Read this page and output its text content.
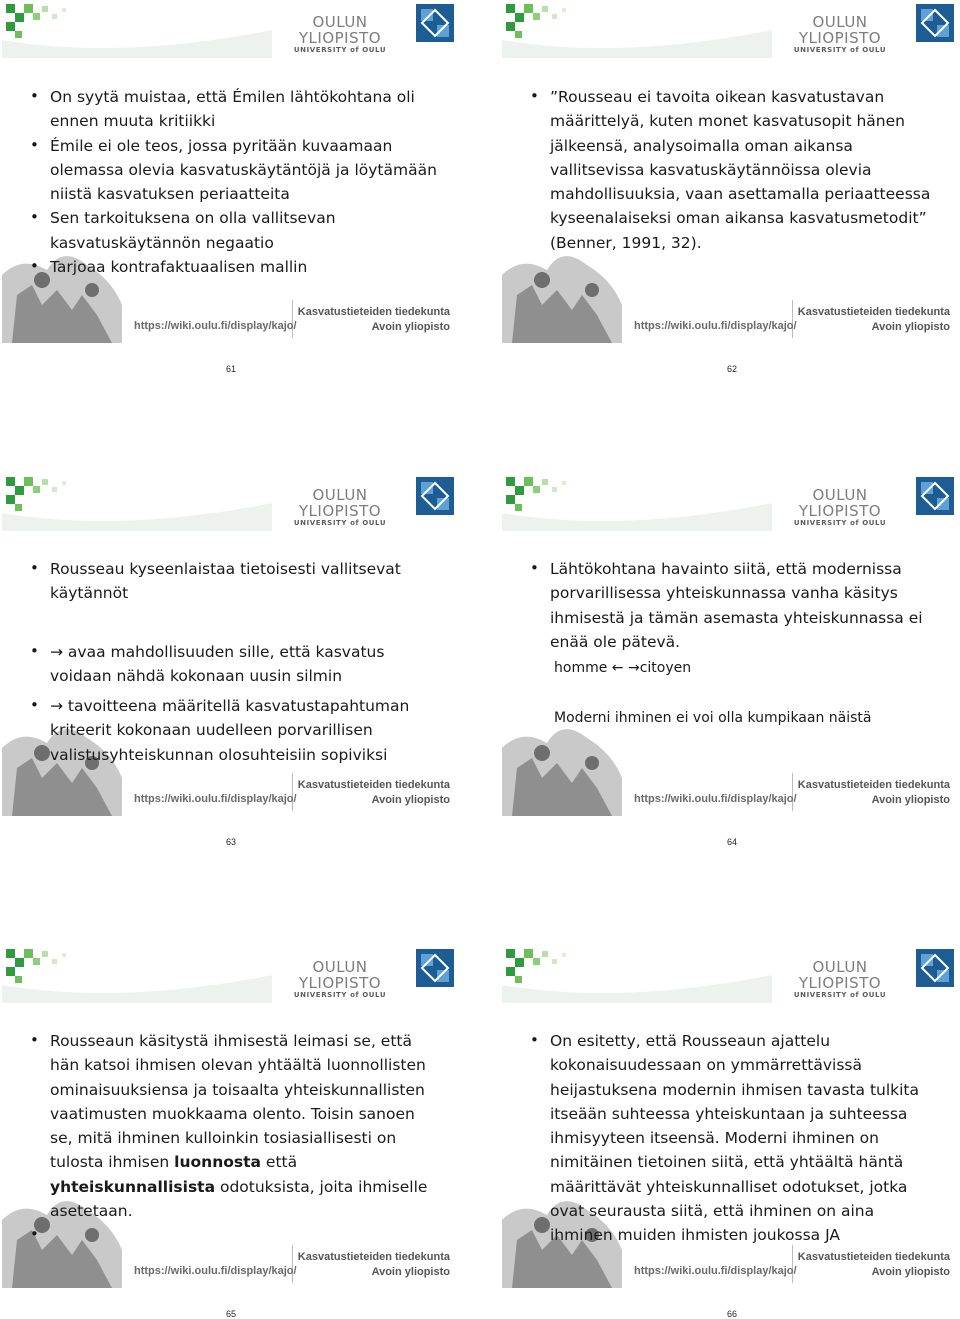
OULUN YLIOPISTO
UNIVERSITY of OULU
https://wiki.oulu.fi/display/kajo/
Kasvatustieteiden tiedekunta
Avoin yliopisto

• On syytä muistaa, että Émilen lähtökohtana oli ennen muuta kritiikki

• Émile ei ole teos, jossa pyritään kuvaamaan olemassa olevia kasvatuskäytäntöjä ja löytämään niistä kasvatuksen periaatteita

• Sen tarkoituksena on olla vallitsevan kasvatuskäytännön negaatio

• Tarjoaa kontrafaktuaalisen mallin

61
OULUN YLIOPISTO
UNIVERSITY of OULU
https://wiki.oulu.fi/display/kajo/
Kasvatustieteiden tiedekunta
Avoin yliopisto

• ”Rousseau ei tavoita oikean kasvatustavan määrittelyä, kuten monet kasvatusopit hänen jälkeensä, analysoimalla oman aikansa vallitsevissa kasvatuskäytännöissa olevia mahdollisuuksia, vaan asettamalla periaatteessa kyseenalaiseksi oman aikansa kasvatusmetodit” (Benner, 1991, 32).

62
OULUN YLIOPISTO
UNIVERSITY of OULU
https://wiki.oulu.fi/display/kajo/
Kasvatustieteiden tiedekunta
Avoin yliopisto

• Rousseau kyseenlaistaa tietoisesti vallitsevat käytännöt

• → avaa mahdollisuuden sille, että kasvatus voidaan nähdä kokonaan uusin silmin

• → tavoitteena määritellä kasvatustapahtuman kriteerit kokonaan uudelleen porvarillisen valistusyhteiskunnan olosuhteisiin sopiviksi

63
OULUN YLIOPISTO
UNIVERSITY of OULU
https://wiki.oulu.fi/display/kajo/
Kasvatustieteiden tiedekunta
Avoin yliopisto

• Lähtökohtana havainto siitä, että modernissa porvarillisessa yhteiskunnassa vanha käsitys ihmisestä ja tämän asemasta yhteiskunnassa ei enää ole pätevä.

homme ← →citoyen

Moderni ihminen ei voi olla kumpikaan näistä

64
OULUN YLIOPISTO
UNIVERSITY of OULU
https://wiki.oulu.fi/display/kajo/
Kasvatustieteiden tiedekunta
Avoin yliopisto

• Rousseaun käsitystä ihmisestä leimasi se, että hän katsoi ihmisen olevan yhtäältä luonnollisten ominaisuuksiensa ja toisaalta yhteiskunnallisten vaatimusten muokkaama olento. Toisin sanoen se, mitä ihminen kulloinkin tosiasiallisesti on tulosta ihmisen luonnosta että yhteiskunnallisista odotuksista, joita ihmiselle asetetaan.

•

65
OULUN YLIOPISTO
UNIVERSITY of OULU
https://wiki.oulu.fi/display/kajo/
Kasvatustieteiden tiedekunta
Avoin yliopisto

• On esitetty, että Rousseaun ajattelu kokonaisuudessaan on ymmärrettävissä heijastuksena modernin ihmisen tavasta tulkita itseään suhteessa yhteiskuntaan ja suhteessa ihmisyyteen itseensä. Moderni ihminen on nimitäinen tietoinen siitä, että yhtäältä häntä määrittävät yhteiskunnalliset odotukset, jotka ovat seurausta siitä, että ihminen on aina ihminen muiden ihmisten joukossa JA

66
